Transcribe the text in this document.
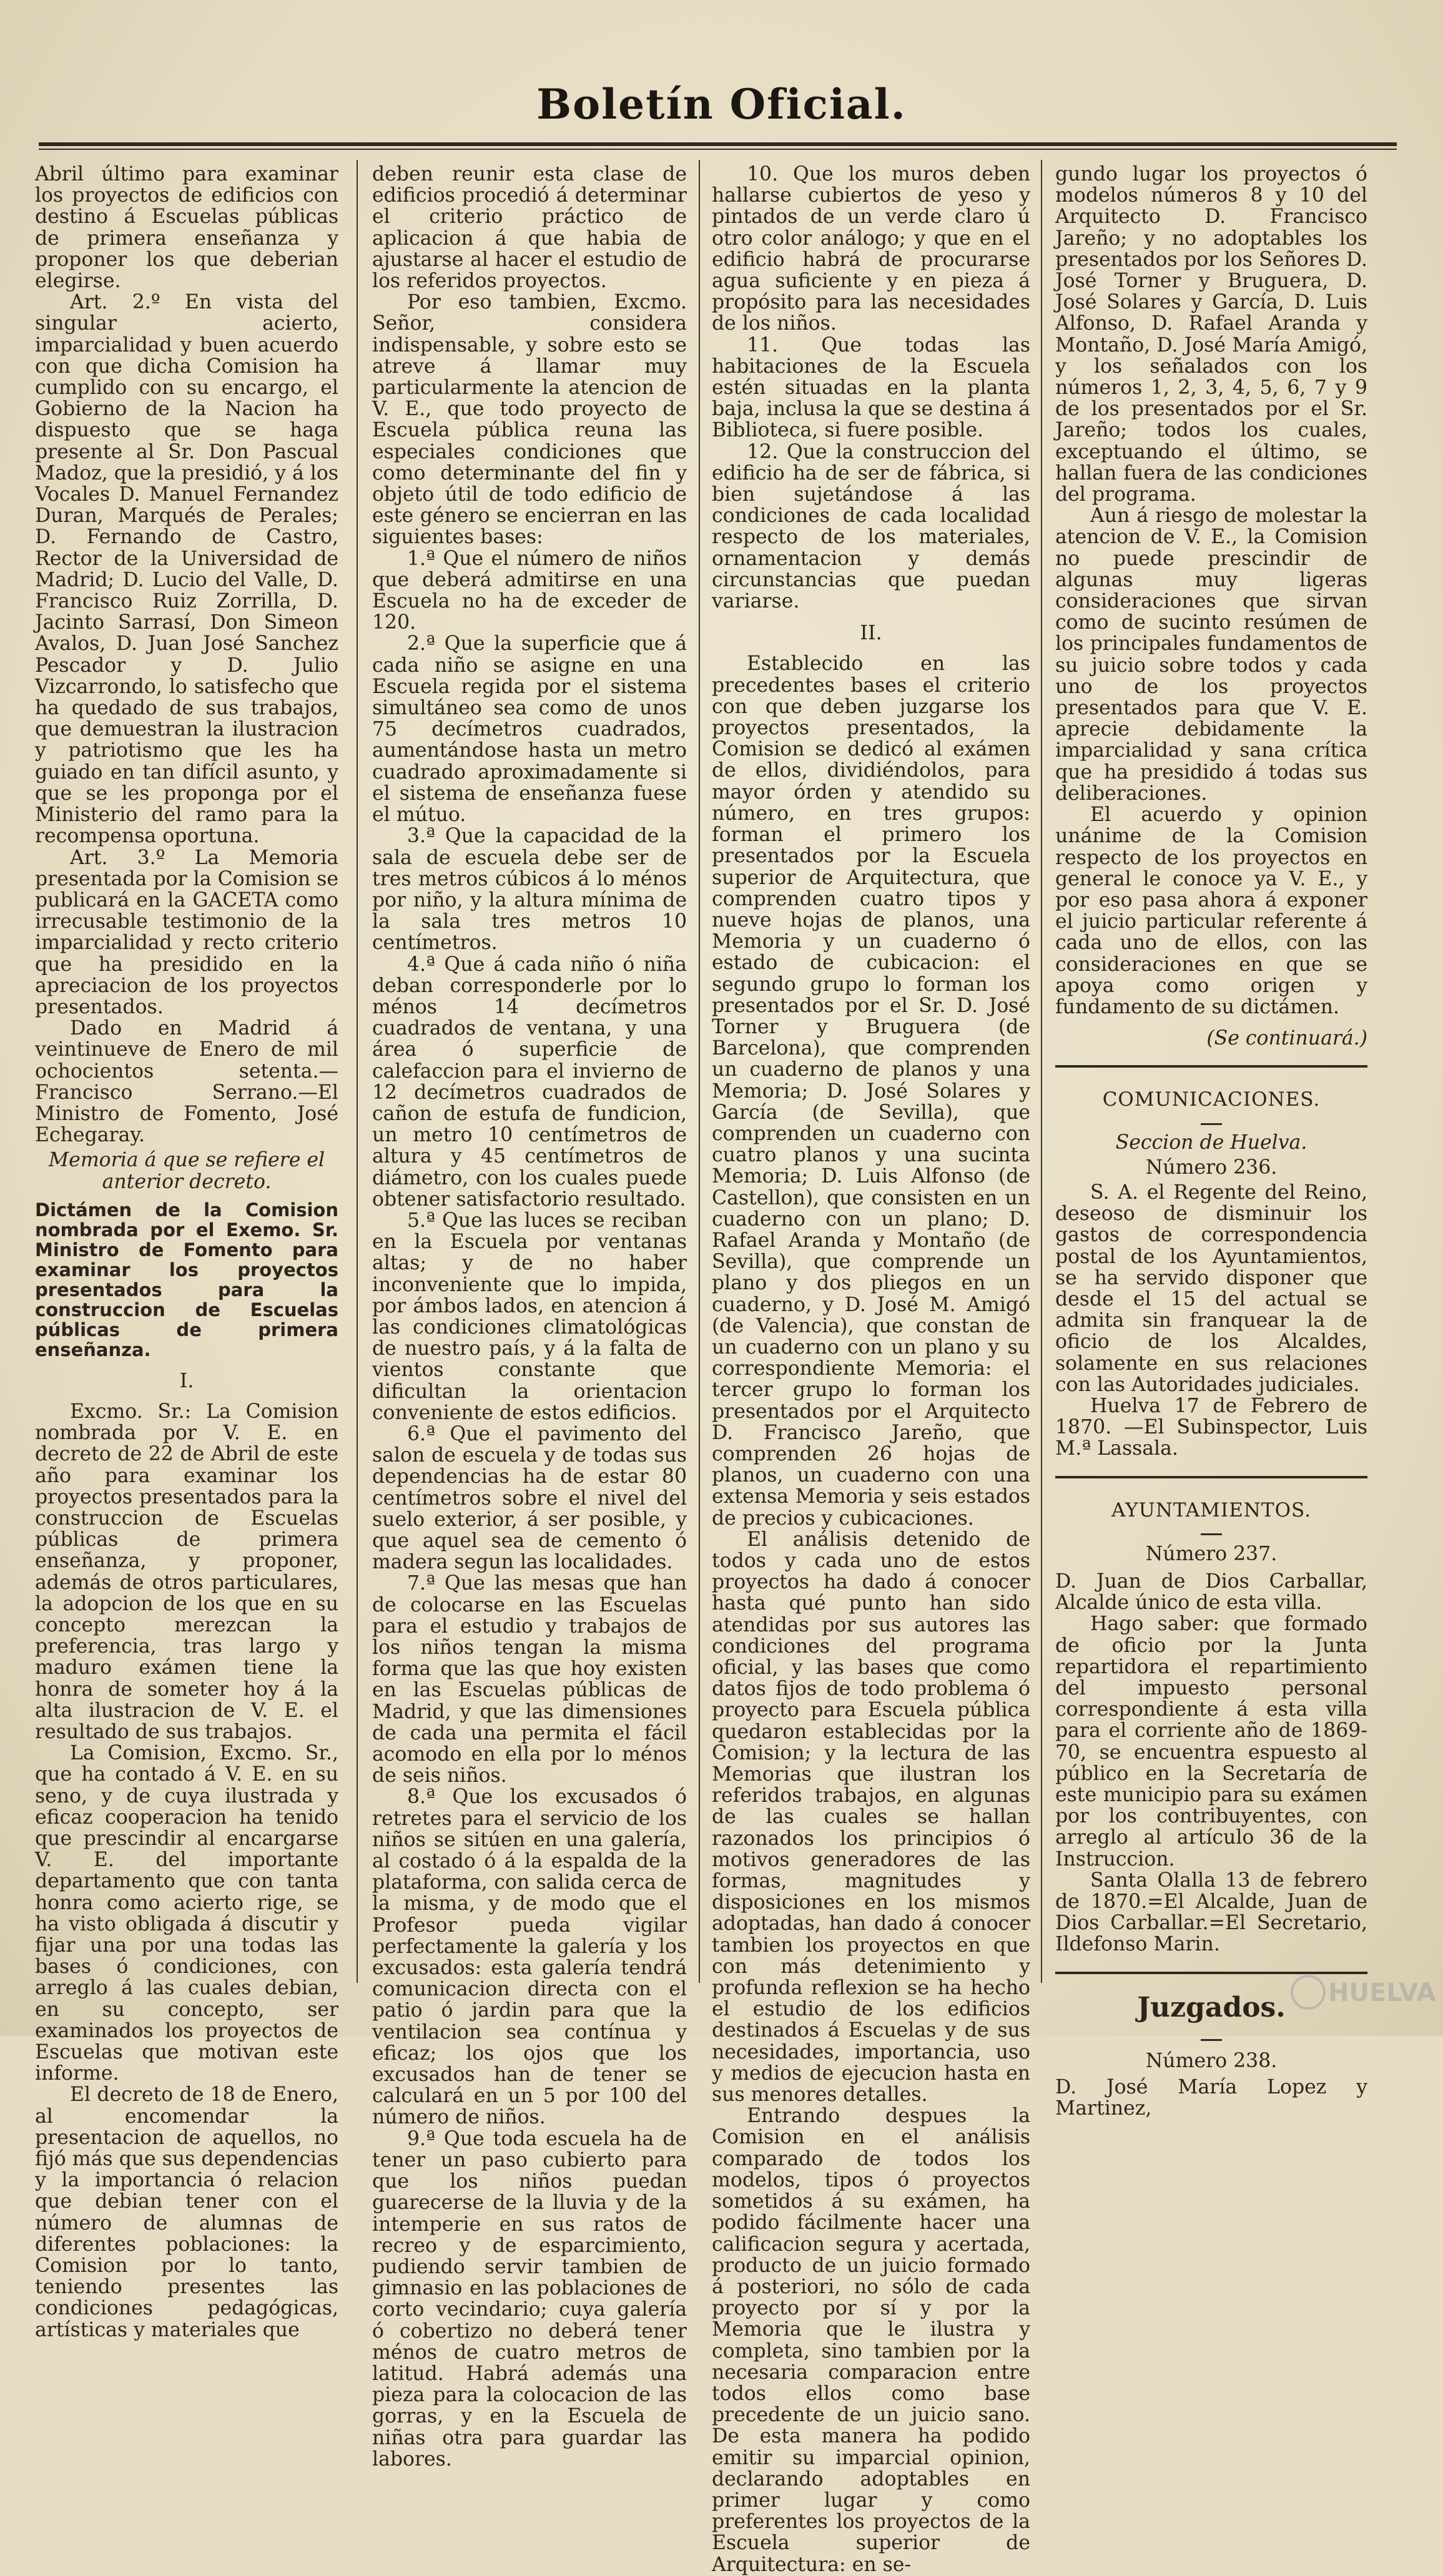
Boletín Oficial.

Abril último para examinar los proyectos de edificios con destino á Escuelas públicas de primera enseñanza y proponer los que deberian elegirse.

Art. 2.º En vista del singular acierto, imparcialidad y buen acuerdo con que dicha Comision ha cumplido con su encargo, el Gobierno de la Nacion ha dispuesto que se haga presente al Sr. Don Pascual Madoz, que la presidió, y á los Vocales D. Manuel Fernandez Duran, Marqués de Perales; D. Fernando de Castro, Rector de la Universidad de Madrid; D. Lucio del Valle, D. Francisco Ruiz Zorrilla, D. Jacinto Sarrasí, Don Simeon Avalos, D. Juan José Sanchez Pescador y D. Julio Vizcarrondo, lo satisfecho que ha quedado de sus trabajos, que demuestran la ilustracion y patriotismo que les ha guiado en tan difícil asunto, y que se les proponga por el Ministerio del ramo para la recompensa oportuna.

Art. 3.º La Memoria presentada por la Comision se publicará en la GACETA como irrecusable testimonio de la imparcialidad y recto criterio que ha presidido en la apreciacion de los proyectos presentados.

Dado en Madrid á veintinueve de Enero de mil ochocientos setenta.—Francisco Serrano.—El Ministro de Fomento, José Echegaray.

Memoria á que se refiere el anterior decreto.

Dictámen de la Comision nombrada por el Exemo. Sr. Ministro de Fomento para examinar los proyectos presentados para la construccion de Escuelas públicas de primera enseñanza.

I.

Excmo. Sr.: La Comision nombrada por V. E. en decreto de 22 de Abril de este año para examinar los proyectos presentados para la construccion de Escuelas públicas de primera enseñanza, y proponer, además de otros particulares, la adopcion de los que en su concepto merezcan la preferencia, tras largo y maduro exámen tiene la honra de someter hoy á la alta ilustracion de V. E. el resultado de sus trabajos.

La Comision, Excmo. Sr., que ha contado á V. E. en su seno, y de cuya ilustrada y eficaz cooperacion ha tenido que prescindir al encargarse V. E. del importante departamento que con tanta honra como acierto rige, se ha visto obligada á discutir y fijar una por una todas las bases ó condiciones, con arreglo á las cuales debian, en su concepto, ser examinados los proyectos de Escuelas que motivan este informe.

El decreto de 18 de Enero, al encomendar la presentacion de aquellos, no fijó más que sus dependencias y la importancia ó relacion que debian tener con el número de alumnas de diferentes poblaciones: la Comision por lo tanto, teniendo presentes las condiciones pedagógicas, artísticas y materiales que

deben reunir esta clase de edificios procedió á determinar el criterio práctico de aplicacion á que habia de ajustarse al hacer el estudio de los referidos proyectos.

Por eso tambien, Excmo. Señor, considera indispensable, y sobre esto se atreve á llamar muy particularmente la atencion de V. E., que todo proyecto de Escuela pública reuna las especiales condiciones que como determinante del fin y objeto útil de todo edificio de este género se encierran en las siguientes bases:

1.ª Que el número de niños que deberá admitirse en una Escuela no ha de exceder de 120.

2.ª Que la superficie que á cada niño se asigne en una Escuela regida por el sistema simultáneo sea como de unos 75 decímetros cuadrados, aumentándose hasta un metro cuadrado aproximadamente si el sistema de enseñanza fuese el mútuo.

3.ª Que la capacidad de la sala de escuela debe ser de tres metros cúbicos á lo ménos por niño, y la altura mínima de la sala tres metros 10 centímetros.

4.ª Que á cada niño ó niña deban corresponderle por lo ménos 14 decímetros cuadrados de ventana, y una área ó superficie de calefaccion para el invierno de 12 decímetros cuadrados de cañon de estufa de fundicion, un metro 10 centímetros de altura y 45 centímetros de diámetro, con los cuales puede obtener satisfactorio resultado.

5.ª Que las luces se reciban en la Escuela por ventanas altas; y de no haber inconveniente que lo impida, por ámbos lados, en atencion á las condiciones climatológicas de nuestro país, y á la falta de vientos constante que dificultan la orientacion conveniente de estos edificios.

6.ª Que el pavimento del salon de escuela y de todas sus dependencias ha de estar 80 centímetros sobre el nivel del suelo exterior, á ser posible, y que aquel sea de cemento ó madera segun las localidades.

7.ª Que las mesas que han de colocarse en las Escuelas para el estudio y trabajos de los niños tengan la misma forma que las que hoy existen en las Escuelas públicas de Madrid, y que las dimensiones de cada una permita el fácil acomodo en ella por lo ménos de seis niños.

8.ª Que los excusados ó retretes para el servicio de los niños se sitúen en una galería, al costado ó á la espalda de la plataforma, con salida cerca de la misma, y de modo que el Profesor pueda vigilar perfectamente la galería y los excusados: esta galería tendrá comunicacion directa con el patio ó jardin para que la ventilacion sea contínua y eficaz; los ojos que los excusados han de tener se calculará en un 5 por 100 del número de niños.

9.ª Que toda escuela ha de tener un paso cubierto para que los niños puedan guarecerse de la lluvia y de la intemperie en sus ratos de recreo y de esparcimiento, pudiendo servir tambien de gimnasio en las poblaciones de corto vecindario; cuya galería ó cobertizo no deberá tener ménos de cuatro metros de latitud. Habrá además una pieza para la colocacion de las gorras, y en la Escuela de niñas otra para guardar las labores.

10. Que los muros deben hallarse cubiertos de yeso y pintados de un verde claro ú otro color análogo; y que en el edificio habrá de procurarse agua suficiente y en pieza á propósito para las necesidades de los niños.

11. Que todas las habitaciones de la Escuela estén situadas en la planta baja, inclusa la que se destina á Biblioteca, si fuere posible.

12. Que la construccion del edificio ha de ser de fábrica, si bien sujetándose á las condiciones de cada localidad respecto de los materiales, ornamentacion y demás circunstancias que puedan variarse.

II.

Establecido en las precedentes bases el criterio con que deben juzgarse los proyectos presentados, la Comision se dedicó al exámen de ellos, dividiéndolos, para mayor órden y atendido su número, en tres grupos: forman el primero los presentados por la Escuela superior de Arquitectura, que comprenden cuatro tipos y nueve hojas de planos, una Memoria y un cuaderno ó estado de cubicacion: el segundo grupo lo forman los presentados por el Sr. D. José Torner y Bruguera (de Barcelona), que comprenden un cuaderno de planos y una Memoria; D. José Solares y García (de Sevilla), que comprenden un cuaderno con cuatro planos y una sucinta Memoria; D. Luis Alfonso (de Castellon), que consisten en un cuaderno con un plano; D. Rafael Aranda y Montaño (de Sevilla), que comprende un plano y dos pliegos en un cuaderno, y D. José M. Amigó (de Valencia), que constan de un cuaderno con un plano y su correspondiente Memoria: el tercer grupo lo forman los presentados por el Arquitecto D. Francisco Jareño, que comprenden 26 hojas de planos, un cuaderno con una extensa Memoria y seis estados de precios y cubicaciones.

El análisis detenido de todos y cada uno de estos proyectos ha dado á conocer hasta qué punto han sido atendidas por sus autores las condiciones del programa oficial, y las bases que como datos fijos de todo problema ó proyecto para Escuela pública quedaron establecidas por la Comision; y la lectura de las Memorias que ilustran los referidos trabajos, en algunas de las cuales se hallan razonados los principios ó motivos generadores de las formas, magnitudes y disposiciones en los mismos adoptadas, han dado á conocer tambien los proyectos en que con más detenimiento y profunda reflexion se ha hecho el estudio de los edificios destinados á Escuelas y de sus necesidades, importancia, uso y medios de ejecucion hasta en sus menores detalles.

Entrando despues la Comision en el análisis comparado de todos los modelos, tipos ó proyectos sometidos á su exámen, ha podido fácilmente hacer una calificacion segura y acertada, producto de un juicio formado á posteriori, no sólo de cada proyecto por sí y por la Memoria que le ilustra y completa, sino tambien por la necesaria comparacion entre todos ellos como base precedente de un juicio sano. De esta manera ha podido emitir su imparcial opinion, declarando adoptables en primer lugar y como preferentes los proyectos de la Escuela superior de Arquitectura: en se-

gundo lugar los proyectos ó modelos números 8 y 10 del Arquitecto D. Francisco Jareño; y no adoptables los presentados por los Señores D. José Torner y Bruguera, D. José Solares y García, D. Luis Alfonso, D. Rafael Aranda y Montaño, D. José María Amigó, y los señalados con los números 1, 2, 3, 4, 5, 6, 7 y 9 de los presentados por el Sr. Jareño; todos los cuales, exceptuando el último, se hallan fuera de las condiciones del programa.

Aun á riesgo de molestar la atencion de V. E., la Comision no puede prescindir de algunas muy ligeras consideraciones que sirvan como de sucinto resúmen de los principales fundamentos de su juicio sobre todos y cada uno de los proyectos presentados para que V. E. aprecie debidamente la imparcialidad y sana crítica que ha presidido á todas sus deliberaciones.

El acuerdo y opinion unánime de la Comision respecto de los proyectos en general le conoce ya V. E., y por eso pasa ahora á exponer el juicio particular referente á cada uno de ellos, con las consideraciones en que se apoya como origen y fundamento de su dictámen.

(Se continuará.)

COMUNICACIONES.

Seccion de Huelva.

Número 236.

S. A. el Regente del Reino, deseoso de disminuir los gastos de correspondencia postal de los Ayuntamientos, se ha servido disponer que desde el 15 del actual se admita sin franquear la de oficio de los Alcaldes, solamente en sus relaciones con las Autoridades judiciales.

Huelva 17 de Febrero de 1870. —El Subinspector, Luis M.ª Lassala.

AYUNTAMIENTOS.

Número 237.

D. Juan de Dios Carballar, Alcalde único de esta villa.

Hago saber: que formado de oficio por la Junta repartidora el repartimiento del impuesto personal correspondiente á esta villa para el corriente año de 1869-70, se encuentra espuesto al público en la Secretaría de este municipio para su exámen por los contribuyentes, con arreglo al artículo 36 de la Instruccion.

Santa Olalla 13 de febrero de 1870.=El Alcalde, Juan de Dios Carballar.=El Secretario, Ildefonso Marin.

Juzgados.

Número 238.

D. José María Lopez y Martinez,

HUELVA
